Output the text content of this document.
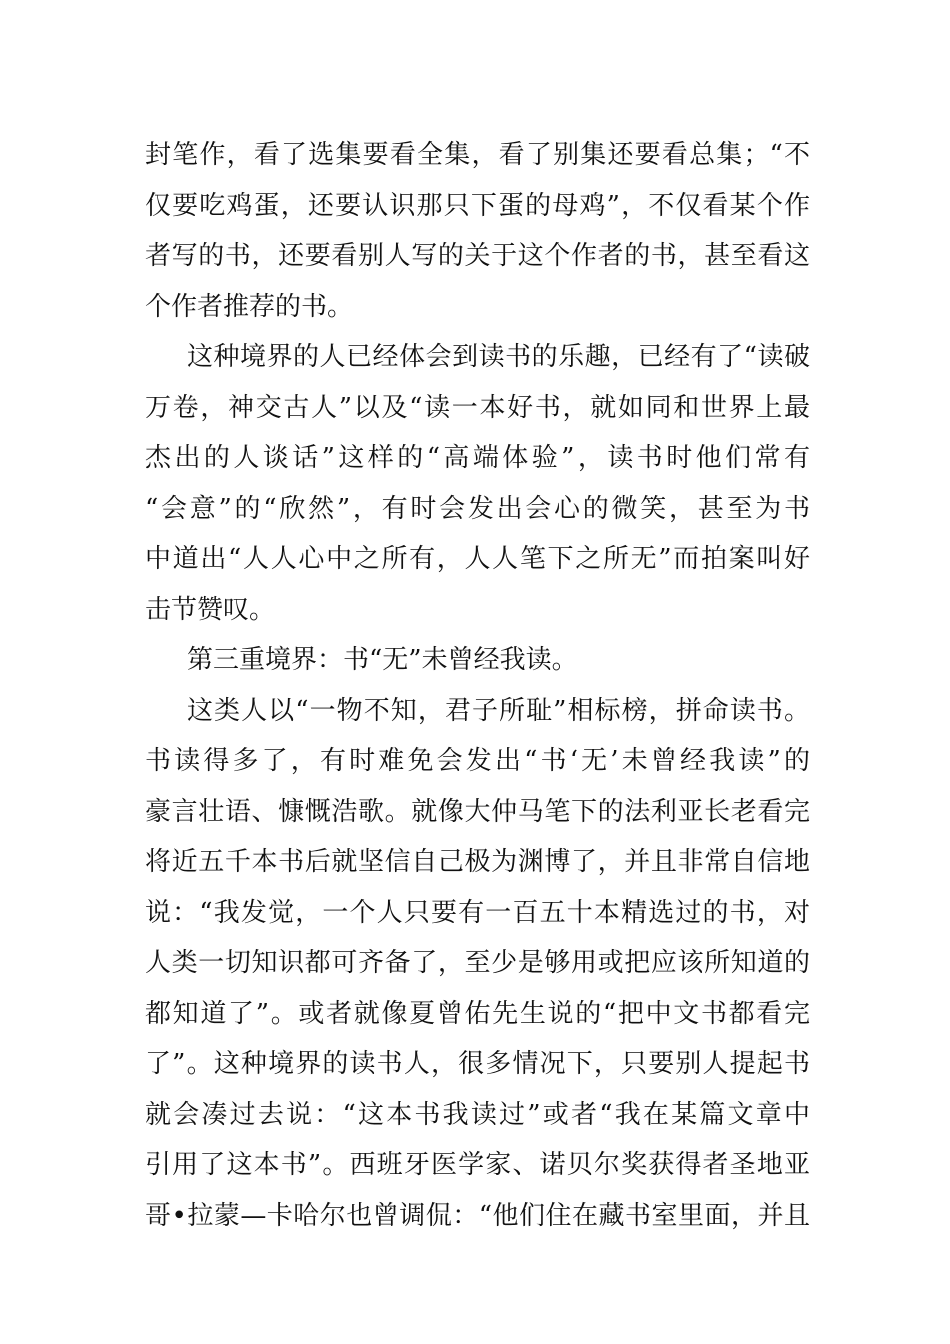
封笔作，看了选集要看全集，看了别集还要看总集；“不
仅要吃鸡蛋，还要认识那只下蛋的母鸡”，不仅看某个作
者写的书，还要看别人写的关于这个作者的书，甚至看这
个作者推荐的书。
这种境界的人已经体会到读书的乐趣，已经有了“读破
万卷，神交古人”以及“读一本好书，就如同和世界上最
杰出的人谈话”这样的“高端体验”，读书时他们常有
“会意”的“欣然”，有时会发出会心的微笑，甚至为书
中道出“人人心中之所有，人人笔下之所无”而拍案叫好
击节赞叹。
第三重境界：书“无”未曾经我读。
这类人以“一物不知，君子所耻”相标榜，拼命读书。
书读得多了，有时难免会发出“书‘无’未曾经我读”的
豪言壮语、慷慨浩歌。就像大仲马笔下的法利亚长老看完
将近五千本书后就坚信自己极为渊博了，并且非常自信地
说：“我发觉，一个人只要有一百五十本精选过的书，对
人类一切知识都可齐备了，至少是够用或把应该所知道的
都知道了”。或者就像夏曾佑先生说的“把中文书都看完
了”。这种境界的读书人，很多情况下，只要别人提起书
就会凑过去说：“这本书我读过”或者“我在某篇文章中
引用了这本书”。西班牙医学家、诺贝尔奖获得者圣地亚
哥•拉蒙—卡哈尔也曾调侃：“他们住在藏书室里面，并且
